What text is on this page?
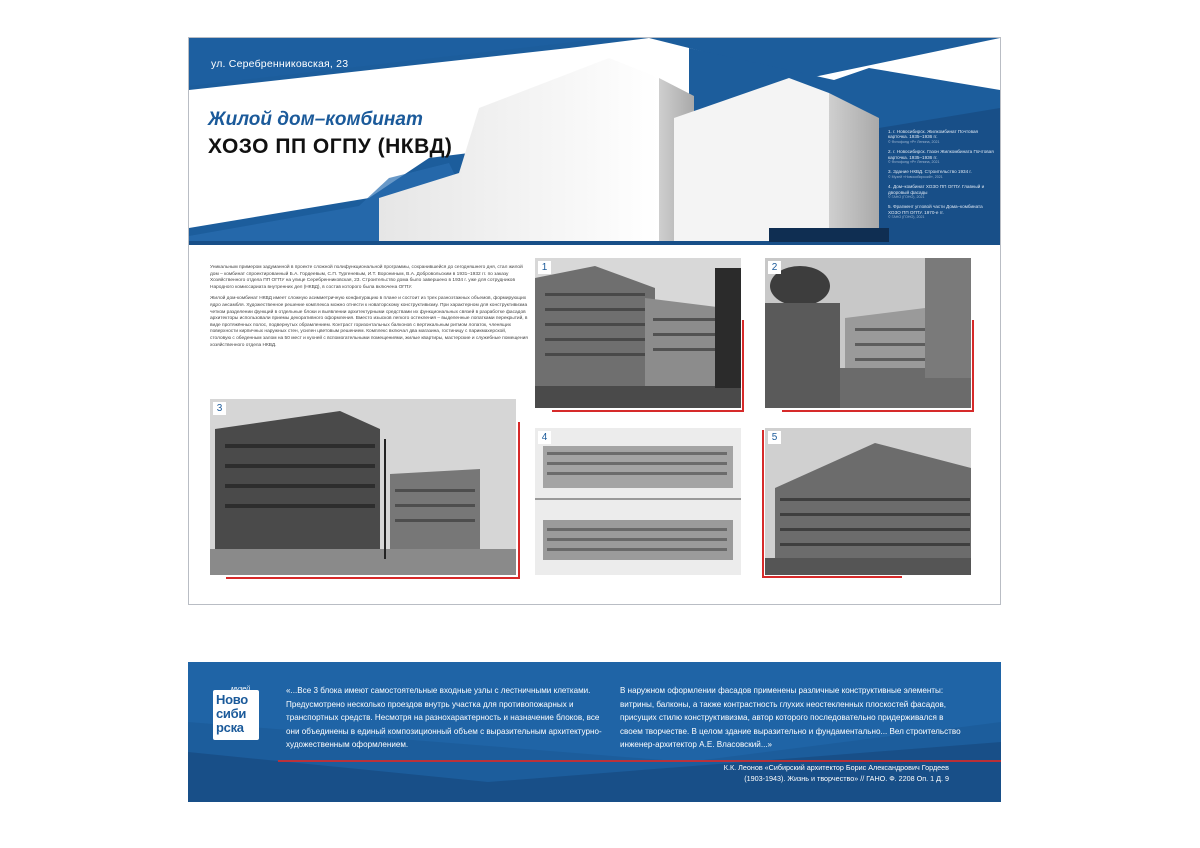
ул. Серебренниковская, 23
Жилой дом–комбинат
ХОЗО ПП ОГПУ (НКВД)
1. г. Новосибирск. Жилкомбинат Почтовая карточка. 1935–1936 гг.
© Фотофонд «Р» Ленина, 2021
2. г. Новосибирск. Газон Жилкомбината Почтовая карточка. 1935–1936 гг.
© Фотофонд «Р» Ленина, 2021
3. Здание НКВД. Строительство 1934 г.
© Музей «Новосибирский», 2021
4. Дом–комбинат ХОЗО ПП ОГПУ. Главный и дворовый фасады
© ГАНО (ГОНО), 2021
5. Фрагмент угловой части Дома–комбината ХОЗО ПП ОГПУ. 1970-е гг.
© ГАНО (ГОНО), 2021

Уникальным примером задуманной в проекте сложной полифункциональной программы, сохранившейся до сегодняшнего дня, стал жилой дом – комбинат спроектированный Б.А. Гордеевым, С.П. Тургеневым, И.Т. Ворониным, В.А. Добровольским в 1931–1932 гг. по заказу Хозяйственного отдела ПП ОГПУ на улице Серебренниковская, 23. Строительство дома было завершено в 1934 г. уже для сотрудников Народного комиссариата внутренних дел (НКВД), в состав которого была включена ОГПУ.

Жилой дом-комбинат НКВД имеет сложную асимметричную конфигурацию в плане и состоит из трех разноэтажных объемов, формирующих ядро ансамбля. Художественное решение комплекса можно отнести к новаторскому конструктивизму. При характерном для конструктивизма четком разделении функций в отдельные блоки и выявлении архитектурными средствами их функциональных связей в разработке фасадов архитекторы использовали приемы декоративного оформления. Вместо изысков легкого остекления – выделенные лопатками перекрытий, в виде протяжённых полос, подвернутых обрамлением. Контраст горизонтальных балконов с вертикальным ритмом лопаток, членящих поверхности кирпичных наружных стен, усилен цветовым решением. Комплекс включал два магазина, гостиницу с парикмахерской, столовую с обеденным залом на 50 мест и кухней с вспомогательными помещениями, жилые квартиры, мастерские и служебные помещения хозяйственного отдела НКВД.

1	2
3
4	5
музей
Ново
сиби
рска
«...Все 3 блока имеют самостоятельные входные узлы с лестничными клетками. Предусмотрено несколько проездов внутрь участка для противопожарных и транспортных средств. Несмотря на разнохарактерность и назначение блоков, все они объединены в единый композиционный объем с выразительным архитектурно-художественным оформлением.
В наружном оформлении фасадов применены различные конструктивные элементы: витрины, балконы, а также контрастность глухих неостекленных плоскостей фасадов, присущих стилю конструктивизма, автор которого последовательно придерживался в своем творчестве. В целом здание выразительно и фундаментально... Вел строительство инженер-архитектор А.Е. Власовский...»
К.К. Леонов «Сибирский архитектор Борис Александрович Гордеев
(1903-1943). Жизнь и творчество» // ГАНО. Ф. 2208 Оп. 1 Д. 9
